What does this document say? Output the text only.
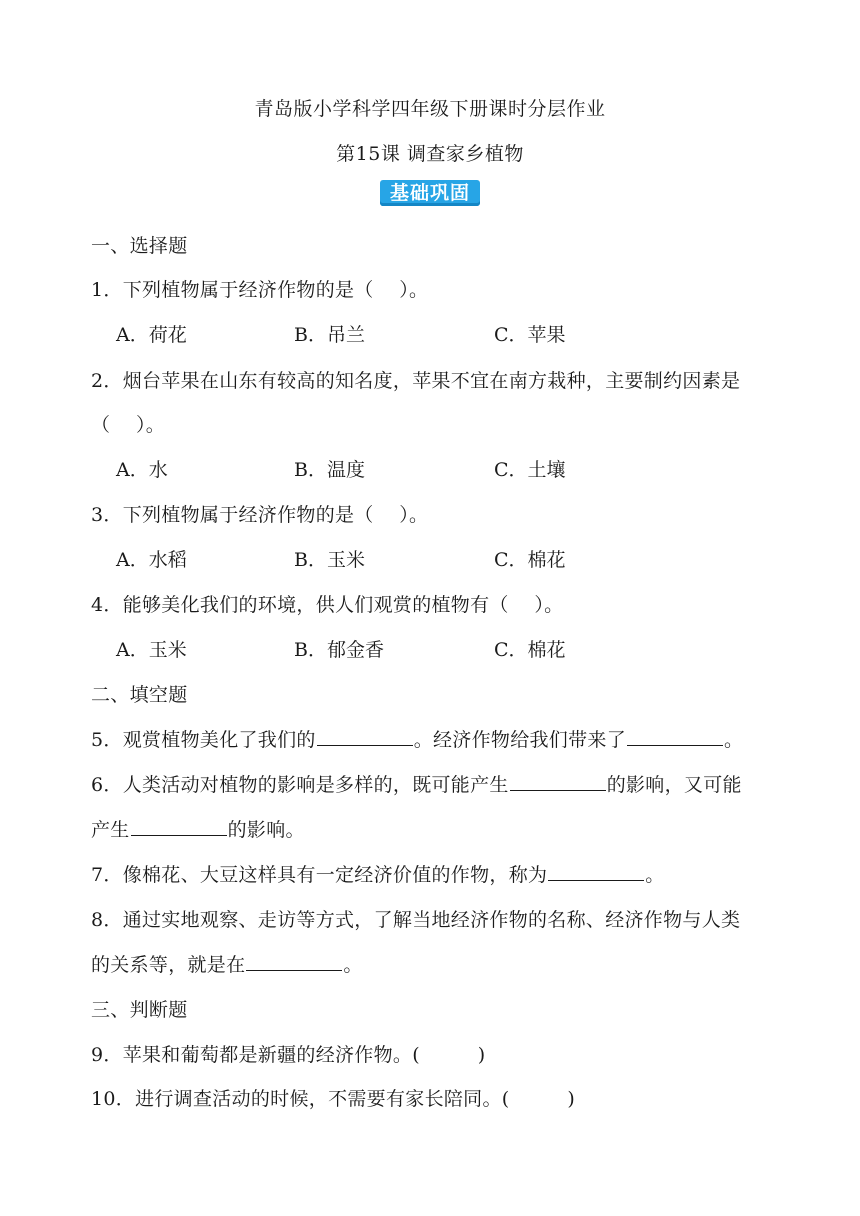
青岛版小学科学四年级下册课时分层作业
第15课 调查家乡植物
基础巩固
一、选择题
1．下列植物属于经济作物的是（　 ）。
A．荷花	B．吊兰	C．苹果
2．烟台苹果在山东有较高的知名度，苹果不宜在南方栽种，主要制约因素是
（　 ）。
A．水	B．温度	C．土壤
3．下列植物属于经济作物的是（　 ）。
A．水稻	B．玉米	C．棉花
4．能够美化我们的环境，供人们观赏的植物有（　 ）。
A．玉米	B．郁金香	C．棉花
二、填空题
5．观赏植物美化了我们的	。经济作物给我们带来了	。
6．人类活动对植物的影响是多样的，既可能产生	的影响，又可能
产生	的影响。
7．像棉花、大豆这样具有一定经济价值的作物，称为	。
8．通过实地观察、走访等方式，了解当地经济作物的名称、经济作物与人类
的关系等，就是在	。
三、判断题
9．苹果和葡萄都是新疆的经济作物。(　　　)
10．进行调查活动的时候，不需要有家长陪同。(　　　)
